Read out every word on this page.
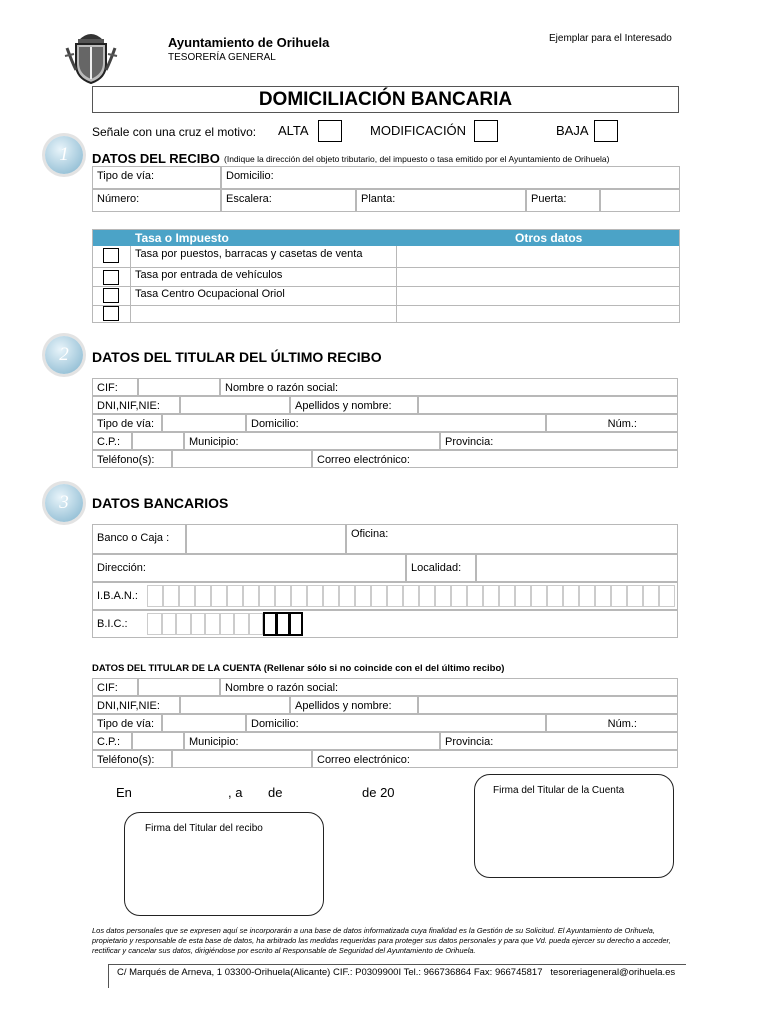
Ayuntamiento de Orihuela
TESORERÍA GENERAL
Ejemplar para el Interesado
DOMICILIACIÓN BANCARIA
Señale con una cruz el motivo: ALTA	MODIFICACIÓN	BAJA
1	DATOS DEL RECIBO (Indique la dirección del objeto tributario, del impuesto o tasa emitido por el Ayuntamiento de Orihuela)
Tipo de vía:	Domicilio:
Número:	Escalera:	Planta:	Puerta:
Tasa o Impuesto	Otros datos
Tasa por puestos, barracas y casetas de venta
Tasa por entrada de vehículos
Tasa Centro Ocupacional Oriol
2	DATOS DEL TITULAR DEL ÚLTIMO RECIBO
CIF:	Nombre o razón social:
DNI,NIF,NIE:	Apellidos y nombre:
Tipo de vía:	Domicilio:	Núm.:
C.P.:	Municipio:	Provincia:
Teléfono(s):	Correo electrónico:
3	DATOS BANCARIOS
Banco o Caja :	Oficina:
Dirección:	Localidad:
I.B.A.N.:
B.I.C.:
DATOS DEL TITULAR DE LA CUENTA (Rellenar sólo si no coincide con el del último recibo)
CIF:	Nombre o razón social:
DNI,NIF,NIE:	Apellidos y nombre:
Tipo de vía:	Domicilio:	Núm.:
C.P.:	Municipio:	Provincia:
Teléfono(s):	Correo electrónico:
En	, a de	de 20	Firma del Titular de la Cuenta
Firma del Titular del recibo
Los datos personales que se expresen aquí se incorporarán a una base de datos informatizada cuya finalidad es la Gestión de su Solicitud. El Ayuntamiento de Orihuela, propietario y responsable de esta base de datos, ha arbitrado las medidas requeridas para proteger sus datos personales y para que Vd. pueda ejercer su derecho a acceder, rectificar y cancelar sus datos, dirigiéndose por escrito al Responsable de Seguridad del Ayuntamiento de Orihuela.
C/ Marqués de Arneva, 1 03300-Orihuela(Alicante) CIF.: P0309900I Tel.: 966736864 Fax: 966745817   tesoreriageneral@orihuela.es
